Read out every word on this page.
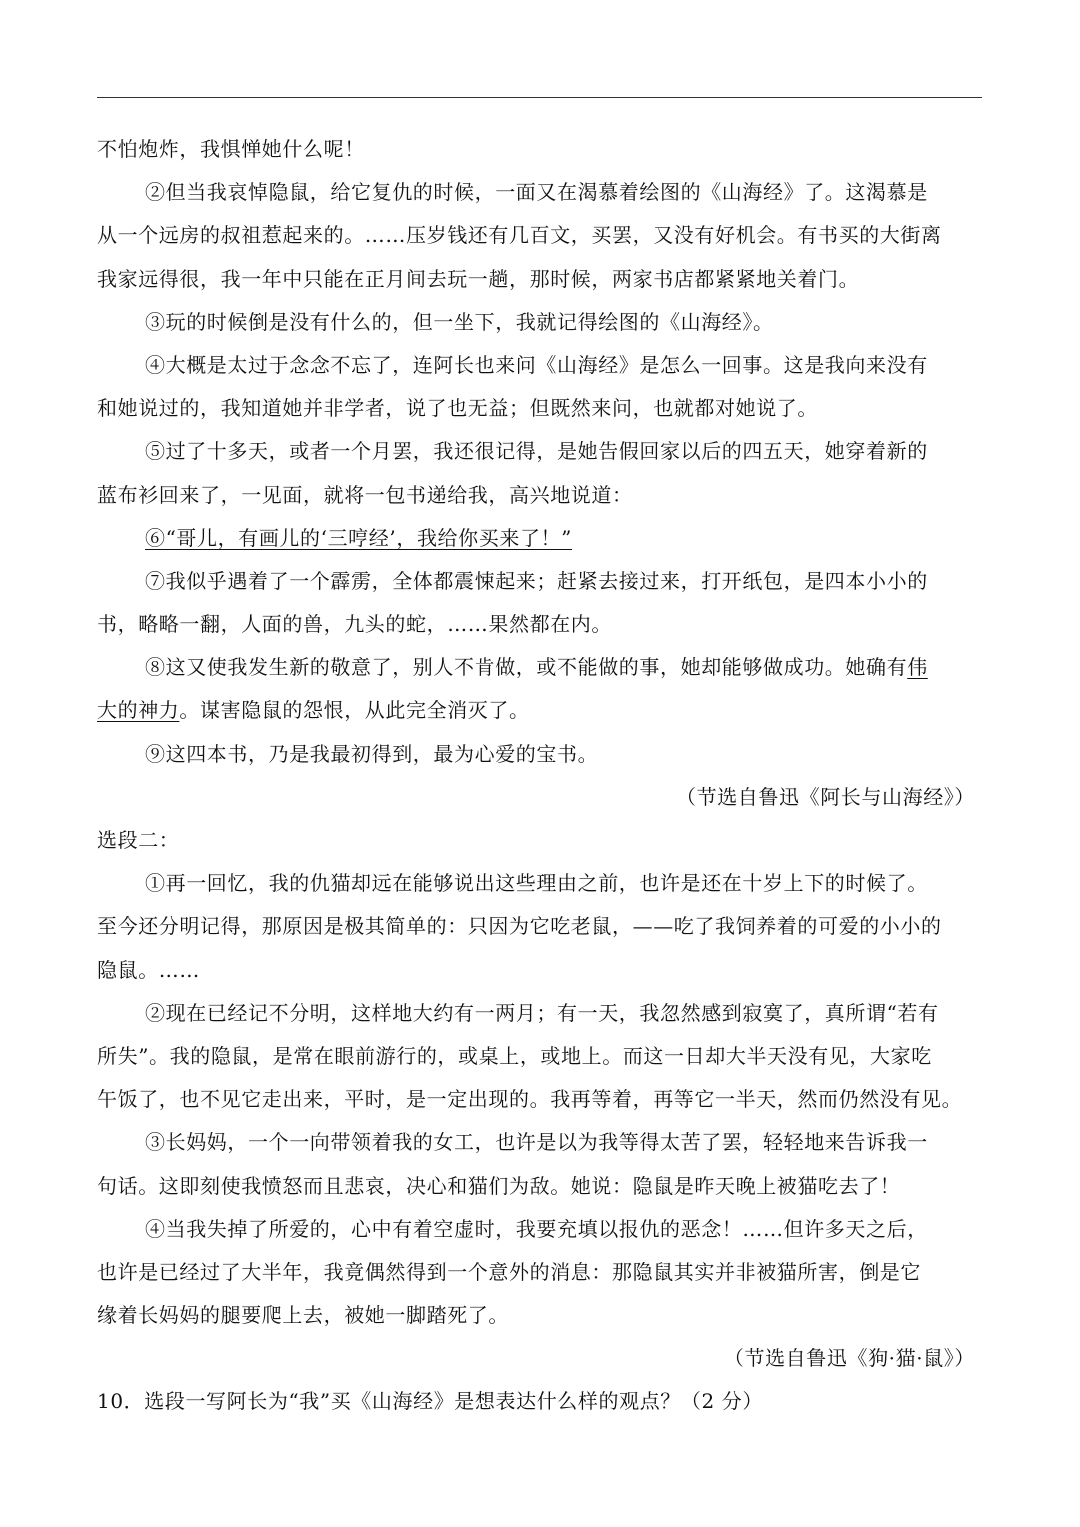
不怕炮炸，我惧惮她什么呢！
②但当我哀悼隐鼠，给它复仇的时候，一面又在渴慕着绘图的《山海经》了。这渴慕是
从一个远房的叔祖惹起来的。……压岁钱还有几百文，买罢，又没有好机会。有书买的大街离
我家远得很，我一年中只能在正月间去玩一趟，那时候，两家书店都紧紧地关着门。
③玩的时候倒是没有什么的，但一坐下，我就记得绘图的《山海经》。
④大概是太过于念念不忘了，连阿长也来问《山海经》是怎么一回事。这是我向来没有
和她说过的，我知道她并非学者，说了也无益；但既然来问，也就都对她说了。
⑤过了十多天，或者一个月罢，我还很记得，是她告假回家以后的四五天，她穿着新的
蓝布衫回来了，一见面，就将一包书递给我，高兴地说道：
⑥“哥儿，有画儿的‘三哼经’，我给你买来了！”
⑦我似乎遇着了一个霹雳，全体都震悚起来；赶紧去接过来，打开纸包，是四本小小的
书，略略一翻，人面的兽，九头的蛇，……果然都在内。
⑧这又使我发生新的敬意了，别人不肯做，或不能做的事，她却能够做成功。她确有伟
大的神力。谋害隐鼠的怨恨，从此完全消灭了。
⑨这四本书，乃是我最初得到，最为心爱的宝书。
（节选自鲁迅《阿长与山海经》）
选段二：
①再一回忆，我的仇猫却远在能够说出这些理由之前，也许是还在十岁上下的时候了。
至今还分明记得，那原因是极其简单的：只因为它吃老鼠，——吃了我饲养着的可爱的小小的
隐鼠。……
②现在已经记不分明，这样地大约有一两月；有一天，我忽然感到寂寞了，真所谓“若有
所失”。我的隐鼠，是常在眼前游行的，或桌上，或地上。而这一日却大半天没有见，大家吃
午饭了，也不见它走出来，平时，是一定出现的。我再等着，再等它一半天，然而仍然没有见。
③长妈妈，一个一向带领着我的女工，也许是以为我等得太苦了罢，轻轻地来告诉我一
句话。这即刻使我愤怒而且悲哀，决心和猫们为敌。她说：隐鼠是昨天晚上被猫吃去了！
④当我失掉了所爱的，心中有着空虚时，我要充填以报仇的恶念！……但许多天之后，
也许是已经过了大半年，我竟偶然得到一个意外的消息：那隐鼠其实并非被猫所害，倒是它
缘着长妈妈的腿要爬上去，被她一脚踏死了。
（节选自鲁迅《狗·猫·鼠》）
10．选段一写阿长为“我”买《山海经》是想表达什么样的观点？（2 分）
